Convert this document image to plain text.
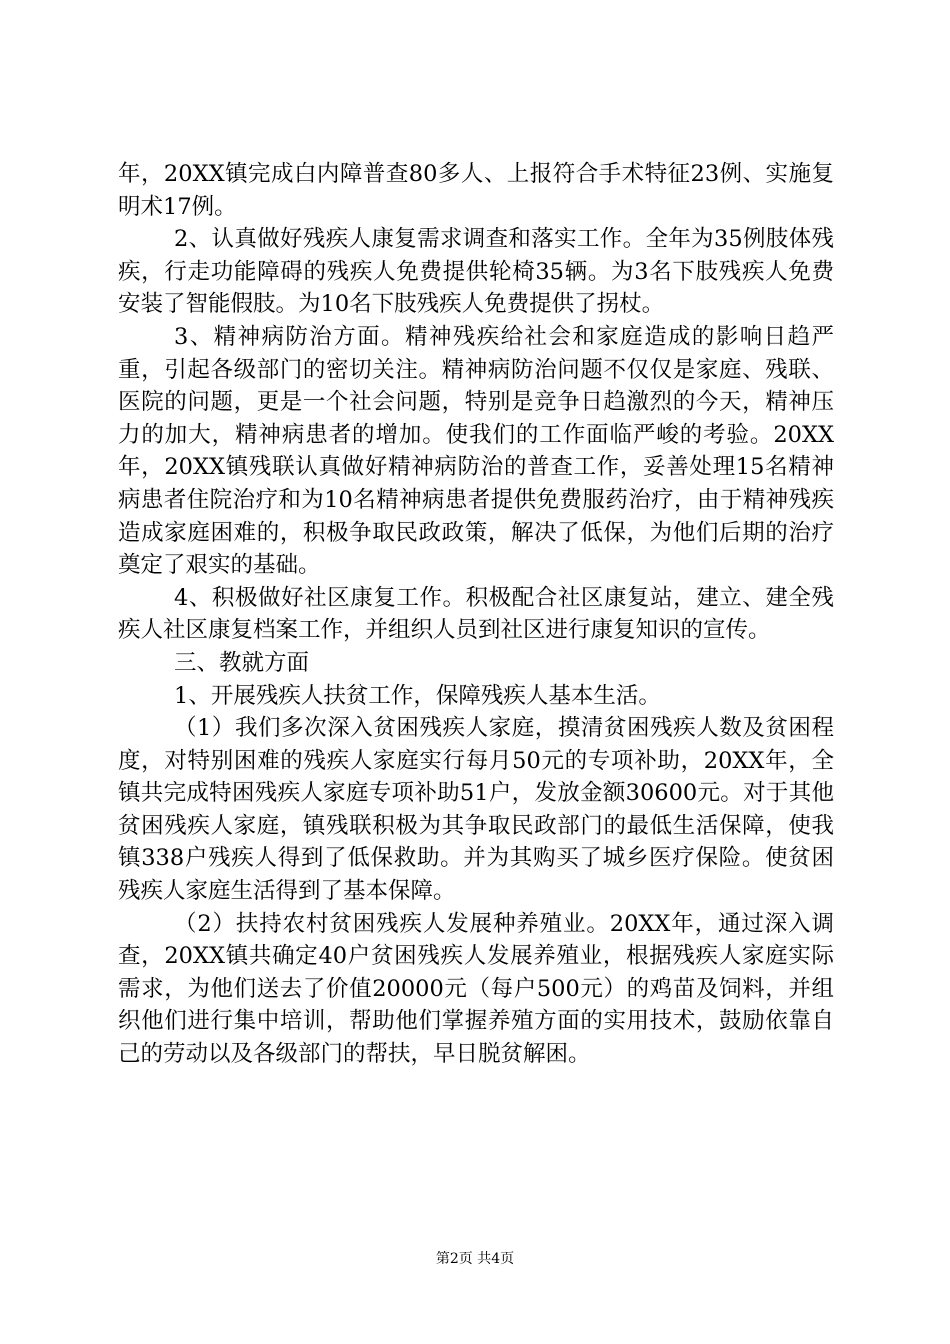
年，20XX镇完成白内障普查80多人、上报符合手术特征23例、实施复明术17例。

2、认真做好残疾人康复需求调查和落实工作。全年为35例肢体残疾，行走功能障碍的残疾人免费提供轮椅35辆。为3名下肢残疾人免费安装了智能假肢。为10名下肢残疾人免费提供了拐杖。

3、精神病防治方面。精神残疾给社会和家庭造成的影响日趋严重，引起各级部门的密切关注。精神病防治问题不仅仅是家庭、残联、医院的问题，更是一个社会问题，特别是竞争日趋激烈的今天，精神压力的加大，精神病患者的增加。使我们的工作面临严峻的考验。20XX年，20XX镇残联认真做好精神病防治的普查工作，妥善处理15名精神病患者住院治疗和为10名精神病患者提供免费服药治疗，由于精神残疾造成家庭困难的，积极争取民政政策，解决了低保，为他们后期的治疗奠定了艰实的基础。

4、积极做好社区康复工作。积极配合社区康复站，建立、建全残疾人社区康复档案工作，并组织人员到社区进行康复知识的宣传。

三、教就方面

1、开展残疾人扶贫工作，保障残疾人基本生活。

（1）我们多次深入贫困残疾人家庭，摸清贫困残疾人数及贫困程度，对特别困难的残疾人家庭实行每月50元的专项补助，20XX年，全镇共完成特困残疾人家庭专项补助51户，发放金额30600元。对于其他贫困残疾人家庭，镇残联积极为其争取民政部门的最低生活保障，使我镇338户残疾人得到了低保救助。并为其购买了城乡医疗保险。使贫困残疾人家庭生活得到了基本保障。

（2）扶持农村贫困残疾人发展种养殖业。20XX年，通过深入调查，20XX镇共确定40户贫困残疾人发展养殖业，根据残疾人家庭实际需求，为他们送去了价值20000元（每户500元）的鸡苗及饲料，并组织他们进行集中培训，帮助他们掌握养殖方面的实用技术，鼓励依靠自己的劳动以及各级部门的帮扶，早日脱贫解困。

第2页 共4页
